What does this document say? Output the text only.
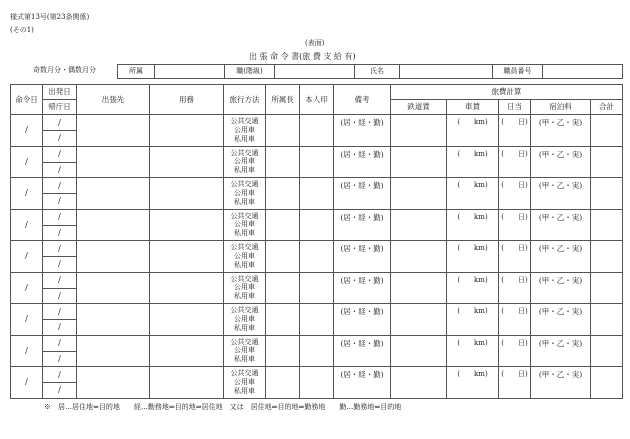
様式第13号(第23条関係)
(その1)
(表面)
出 張 命 令 書(旅 費 支 給 有)
奇数月分・偶数月分	所属		職(階級)		氏名		職員番号	
命令日	出発日	出張先	用務	旅行方法	所属長	本人印	備考	旅費計算				
	帰庁日							鉄道賃	車賃	日当	宿泊料	合計
/	/			公共交通
公用車
私用車			(居・経・勤)		(　　km)	(　　日)	(甲・乙・実)	
	/											
/	/			公共交通
公用車
私用車			(居・経・勤)		(　　km)	(　　日)	(甲・乙・実)	
	/											
/	/			公共交通
公用車
私用車			(居・経・勤)		(　　km)	(　　日)	(甲・乙・実)	
	/											
/	/			公共交通
公用車
私用車			(居・経・勤)		(　　km)	(　　日)	(甲・乙・実)	
	/											
/	/			公共交通
公用車
私用車			(居・経・勤)		(　　km)	(　　日)	(甲・乙・実)	
	/											
/	/			公共交通
公用車
私用車			(居・経・勤)		(　　km)	(　　日)	(甲・乙・実)	
	/											
/	/			公共交通
公用車
私用車			(居・経・勤)		(　　km)	(　　日)	(甲・乙・実)	
	/											
/	/			公共交通
公用車
私用車			(居・経・勤)		(　　km)	(　　日)	(甲・乙・実)	
	/											
/	/			公共交通
公用車
私用車			(居・経・勤)		(　　km)	(　　日)	(甲・乙・実)	
	/											
※　居…居住地⇔目的地　　経…勤務地⇒目的地⇒居住地　又は　居住地⇒目的地⇒勤務地　　勤…勤務地⇔目的地
